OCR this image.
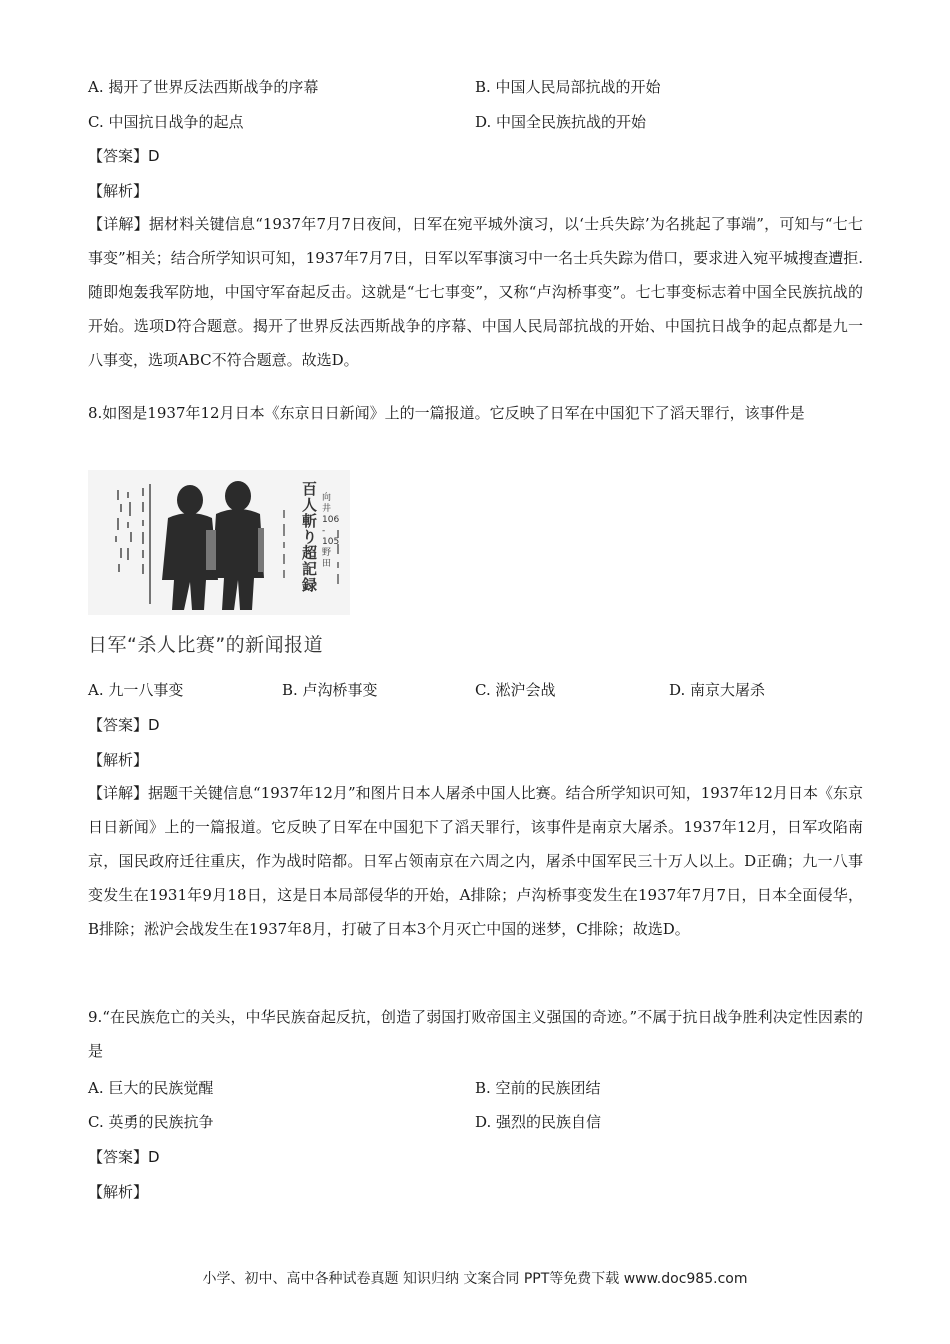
A. 揭开了世界反法西斯战争的序幕	B. 中国人民局部抗战的开始
C. 中国抗日战争的起点	D. 中国全民族抗战的开始
【答案】D
【解析】

【详解】据材料关键信息“1937年7月7日夜间，日军在宛平城外演习，以‘士兵失踪’为名挑起了事端”，可知与“七七事变”相关；结合所学知识可知，1937年7月7日，日军以军事演习中一名士兵失踪为借口，要求进入宛平城搜查遭拒.随即炮轰我军防地，中国守军奋起反击。这就是“七七事变”，又称“卢沟桥事变”。七七事变标志着中国全民族抗战的开始。选项D符合题意。揭开了世界反法西斯战争的序幕、中国人民局部抗战的开始、中国抗日战争的起点都是九一八事变，选项ABC不符合题意。故选D。

8.如图是1937年12月日本《东京日日新闻》上的一篇报道。它反映了日军在中国犯下了滔天罪行，该事件是

百人斬り超記録
向井 106 -105 野田
日军“杀人比赛”的新闻报道
A. 九一八事变	B. 卢沟桥事变	C. 淞沪会战	D. 南京大屠杀
【答案】D
【解析】

【详解】据题干关键信息“1937年12月”和图片日本人屠杀中国人比赛。结合所学知识可知，1937年12月日本《东京日日新闻》上的一篇报道。它反映了日军在中国犯下了滔天罪行，该事件是南京大屠杀。1937年12月，日军攻陷南京，国民政府迁往重庆，作为战时陪都。日军占领南京在六周之内，屠杀中国军民三十万人以上。D正确；九一八事变发生在1931年9月18日，这是日本局部侵华的开始，A排除；卢沟桥事变发生在1937年7月7日，日本全面侵华，B排除；淞沪会战发生在1937年8月，打破了日本3个月灭亡中国的迷梦，C排除；故选D。

9.“在民族危亡的关头，中华民族奋起反抗，创造了弱国打败帝国主义强国的奇迹。”不属于抗日战争胜利决定性因素的是

A. 巨大的民族觉醒	B. 空前的民族团结
C. 英勇的民族抗争	D. 强烈的民族自信
【答案】D
【解析】
小学、初中、高中各种试卷真题 知识归纳 文案合同 PPT等免费下载 www.doc985.com
